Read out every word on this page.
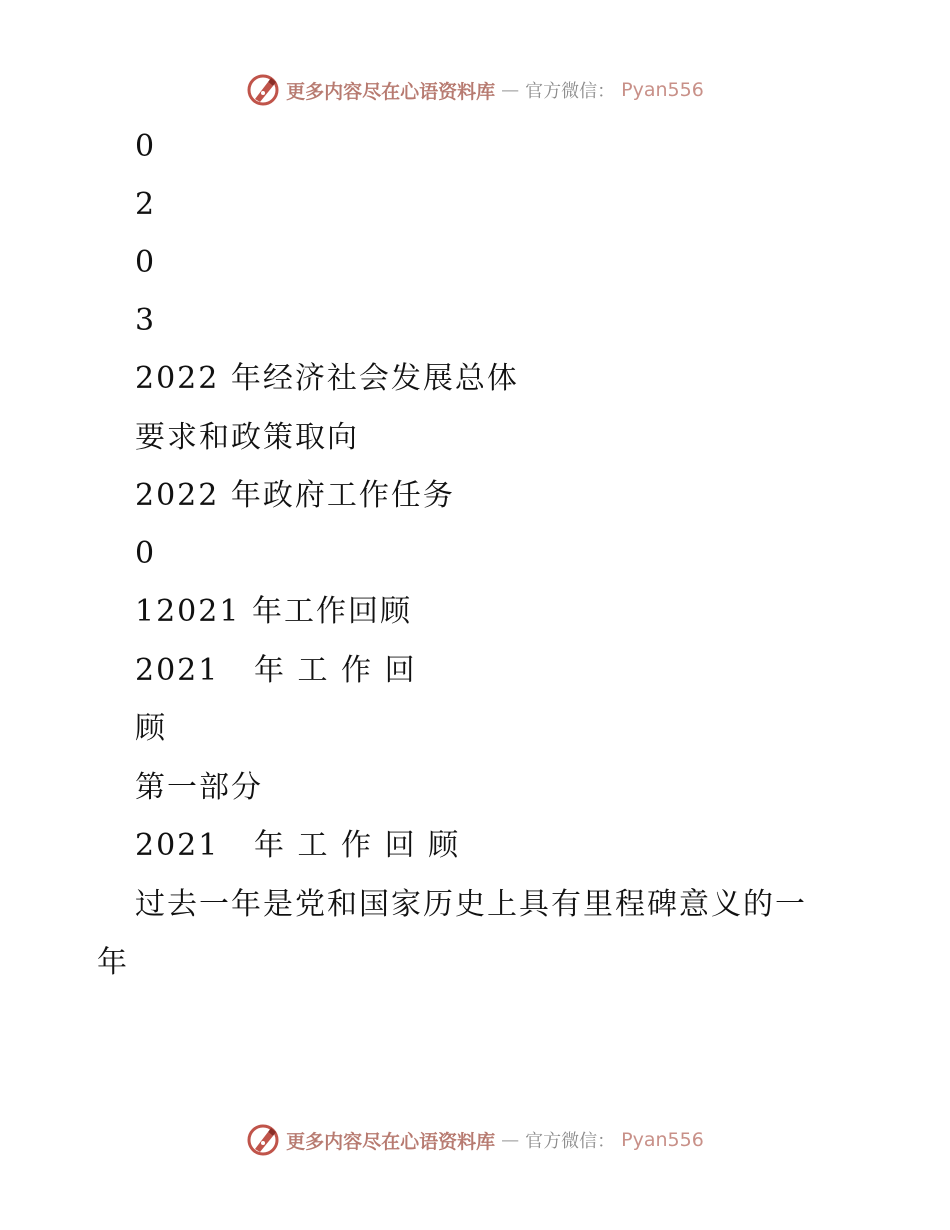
更多内容尽在心语资料库 — 官方微信： Pyan556
0
2
0
3
2022 年经济社会发展总体
要求和政策取向
2022 年政府工作任务
0
12021 年工作回顾
2021   年 工 作 回
顾
第一部分
2021   年 工 作 回 顾
过去一年是党和国家历史上具有里程碑意义的一
年
更多内容尽在心语资料库 — 官方微信： Pyan556
